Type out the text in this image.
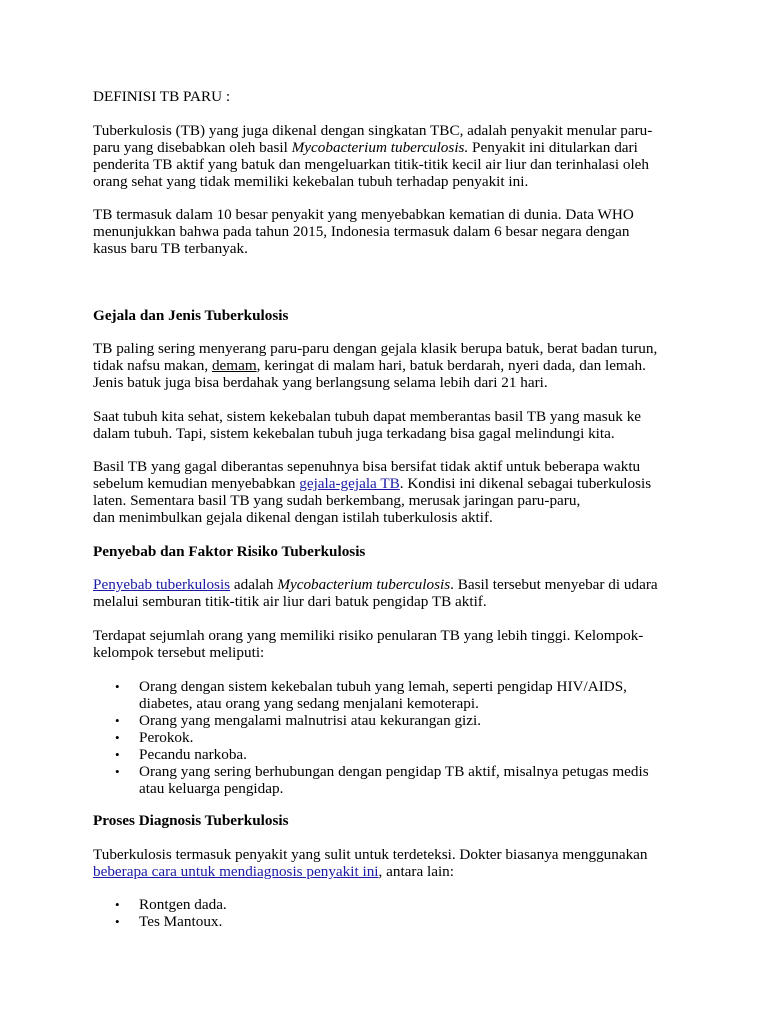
DEFINISI TB PARU :

Tuberkulosis (TB) yang juga dikenal dengan singkatan TBC, adalah penyakit menular paru-
paru yang disebabkan oleh basil Mycobacterium tuberculosis. Penyakit ini ditularkan dari
penderita TB aktif yang batuk dan mengeluarkan titik-titik kecil air liur dan terinhalasi oleh
orang sehat yang tidak memiliki kekebalan tubuh terhadap penyakit ini.

TB termasuk dalam 10 besar penyakit yang menyebabkan kematian di dunia. Data WHO
menunjukkan bahwa pada tahun 2015, Indonesia termasuk dalam 6 besar negara dengan
kasus baru TB terbanyak.

Gejala dan Jenis Tuberkulosis

TB paling sering menyerang paru-paru dengan gejala klasik berupa batuk, berat badan turun,
tidak nafsu makan, demam, keringat di malam hari, batuk berdarah, nyeri dada, dan lemah.
Jenis batuk juga bisa berdahak yang berlangsung selama lebih dari 21 hari.

Saat tubuh kita sehat, sistem kekebalan tubuh dapat memberantas basil TB yang masuk ke
dalam tubuh. Tapi, sistem kekebalan tubuh juga terkadang bisa gagal melindungi kita.

Basil TB yang gagal diberantas sepenuhnya bisa bersifat tidak aktif untuk beberapa waktu
sebelum kemudian menyebabkan gejala-gejala TB. Kondisi ini dikenal sebagai tuberkulosis
laten. Sementara basil TB yang sudah berkembang, merusak jaringan paru-paru,
dan menimbulkan gejala dikenal dengan istilah tuberkulosis aktif.

Penyebab dan Faktor Risiko Tuberkulosis

Penyebab tuberkulosis adalah Mycobacterium tuberculosis. Basil tersebut menyebar di udara
melalui semburan titik-titik air liur dari batuk pengidap TB aktif.

Terdapat sejumlah orang yang memiliki risiko penularan TB yang lebih tinggi. Kelompok-
kelompok tersebut meliputi:

• Orang dengan sistem kekebalan tubuh yang lemah, seperti pengidap HIV/AIDS,
diabetes, atau orang yang sedang menjalani kemoterapi.
• Orang yang mengalami malnutrisi atau kekurangan gizi.
• Perokok.
• Pecandu narkoba.
• Orang yang sering berhubungan dengan pengidap TB aktif, misalnya petugas medis
atau keluarga pengidap.

Proses Diagnosis Tuberkulosis

Tuberkulosis termasuk penyakit yang sulit untuk terdeteksi. Dokter biasanya menggunakan
beberapa cara untuk mendiagnosis penyakit ini, antara lain:

• Rontgen dada.
• Tes Mantoux.
